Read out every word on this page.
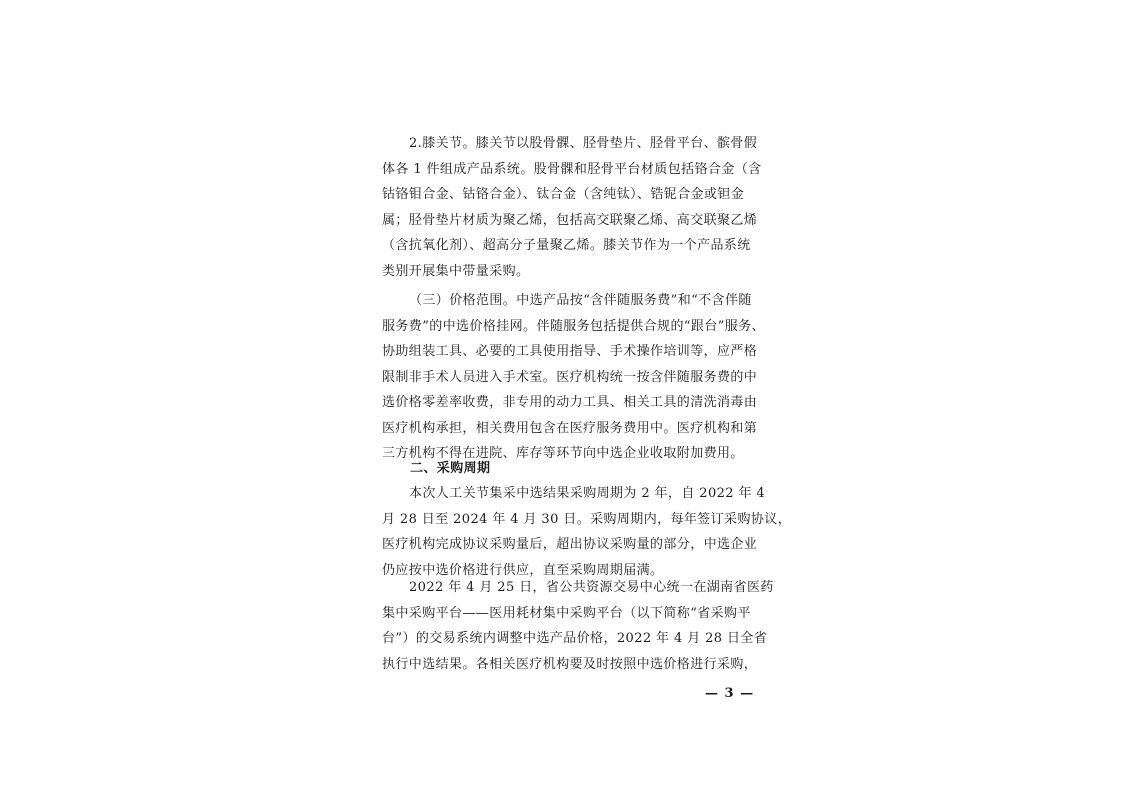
2.膝关节。膝关节以股骨髁、胫骨垫片、胫骨平台、髌骨假
体各 1 件组成产品系统。股骨髁和胫骨平台材质包括铬合金（含
钴铬钼合金、钴铬合金）、钛合金（含纯钛）、锆铌合金或钽金
属；胫骨垫片材质为聚乙烯，包括高交联聚乙烯、高交联聚乙烯
（含抗氧化剂）、超高分子量聚乙烯。膝关节作为一个产品系统
类别开展集中带量采购。
（三）价格范围。中选产品按“含伴随服务费”和“不含伴随
服务费”的中选价格挂网。伴随服务包括提供合规的“跟台”服务、
协助组装工具、必要的工具使用指导、手术操作培训等，应严格
限制非手术人员进入手术室。医疗机构统一按含伴随服务费的中
选价格零差率收费，非专用的动力工具、相关工具的清洗消毒由
医疗机构承担，相关费用包含在医疗服务费用中。医疗机构和第
三方机构不得在进院、库存等环节向中选企业收取附加费用。
二、采购周期
本次人工关节集采中选结果采购周期为 2 年，自 2022 年 4
月 28 日至 2024 年 4 月 30 日。采购周期内，每年签订采购协议，
医疗机构完成协议采购量后，超出协议采购量的部分，中选企业
仍应按中选价格进行供应，直至采购周期届满。
2022 年 4 月 25 日，省公共资源交易中心统一在湖南省医药
集中采购平台——医用耗材集中采购平台（以下简称“省采购平
台”）的交易系统内调整中选产品价格，2022 年 4 月 28 日全省
执行中选结果。各相关医疗机构要及时按照中选价格进行采购，
— 3 —
